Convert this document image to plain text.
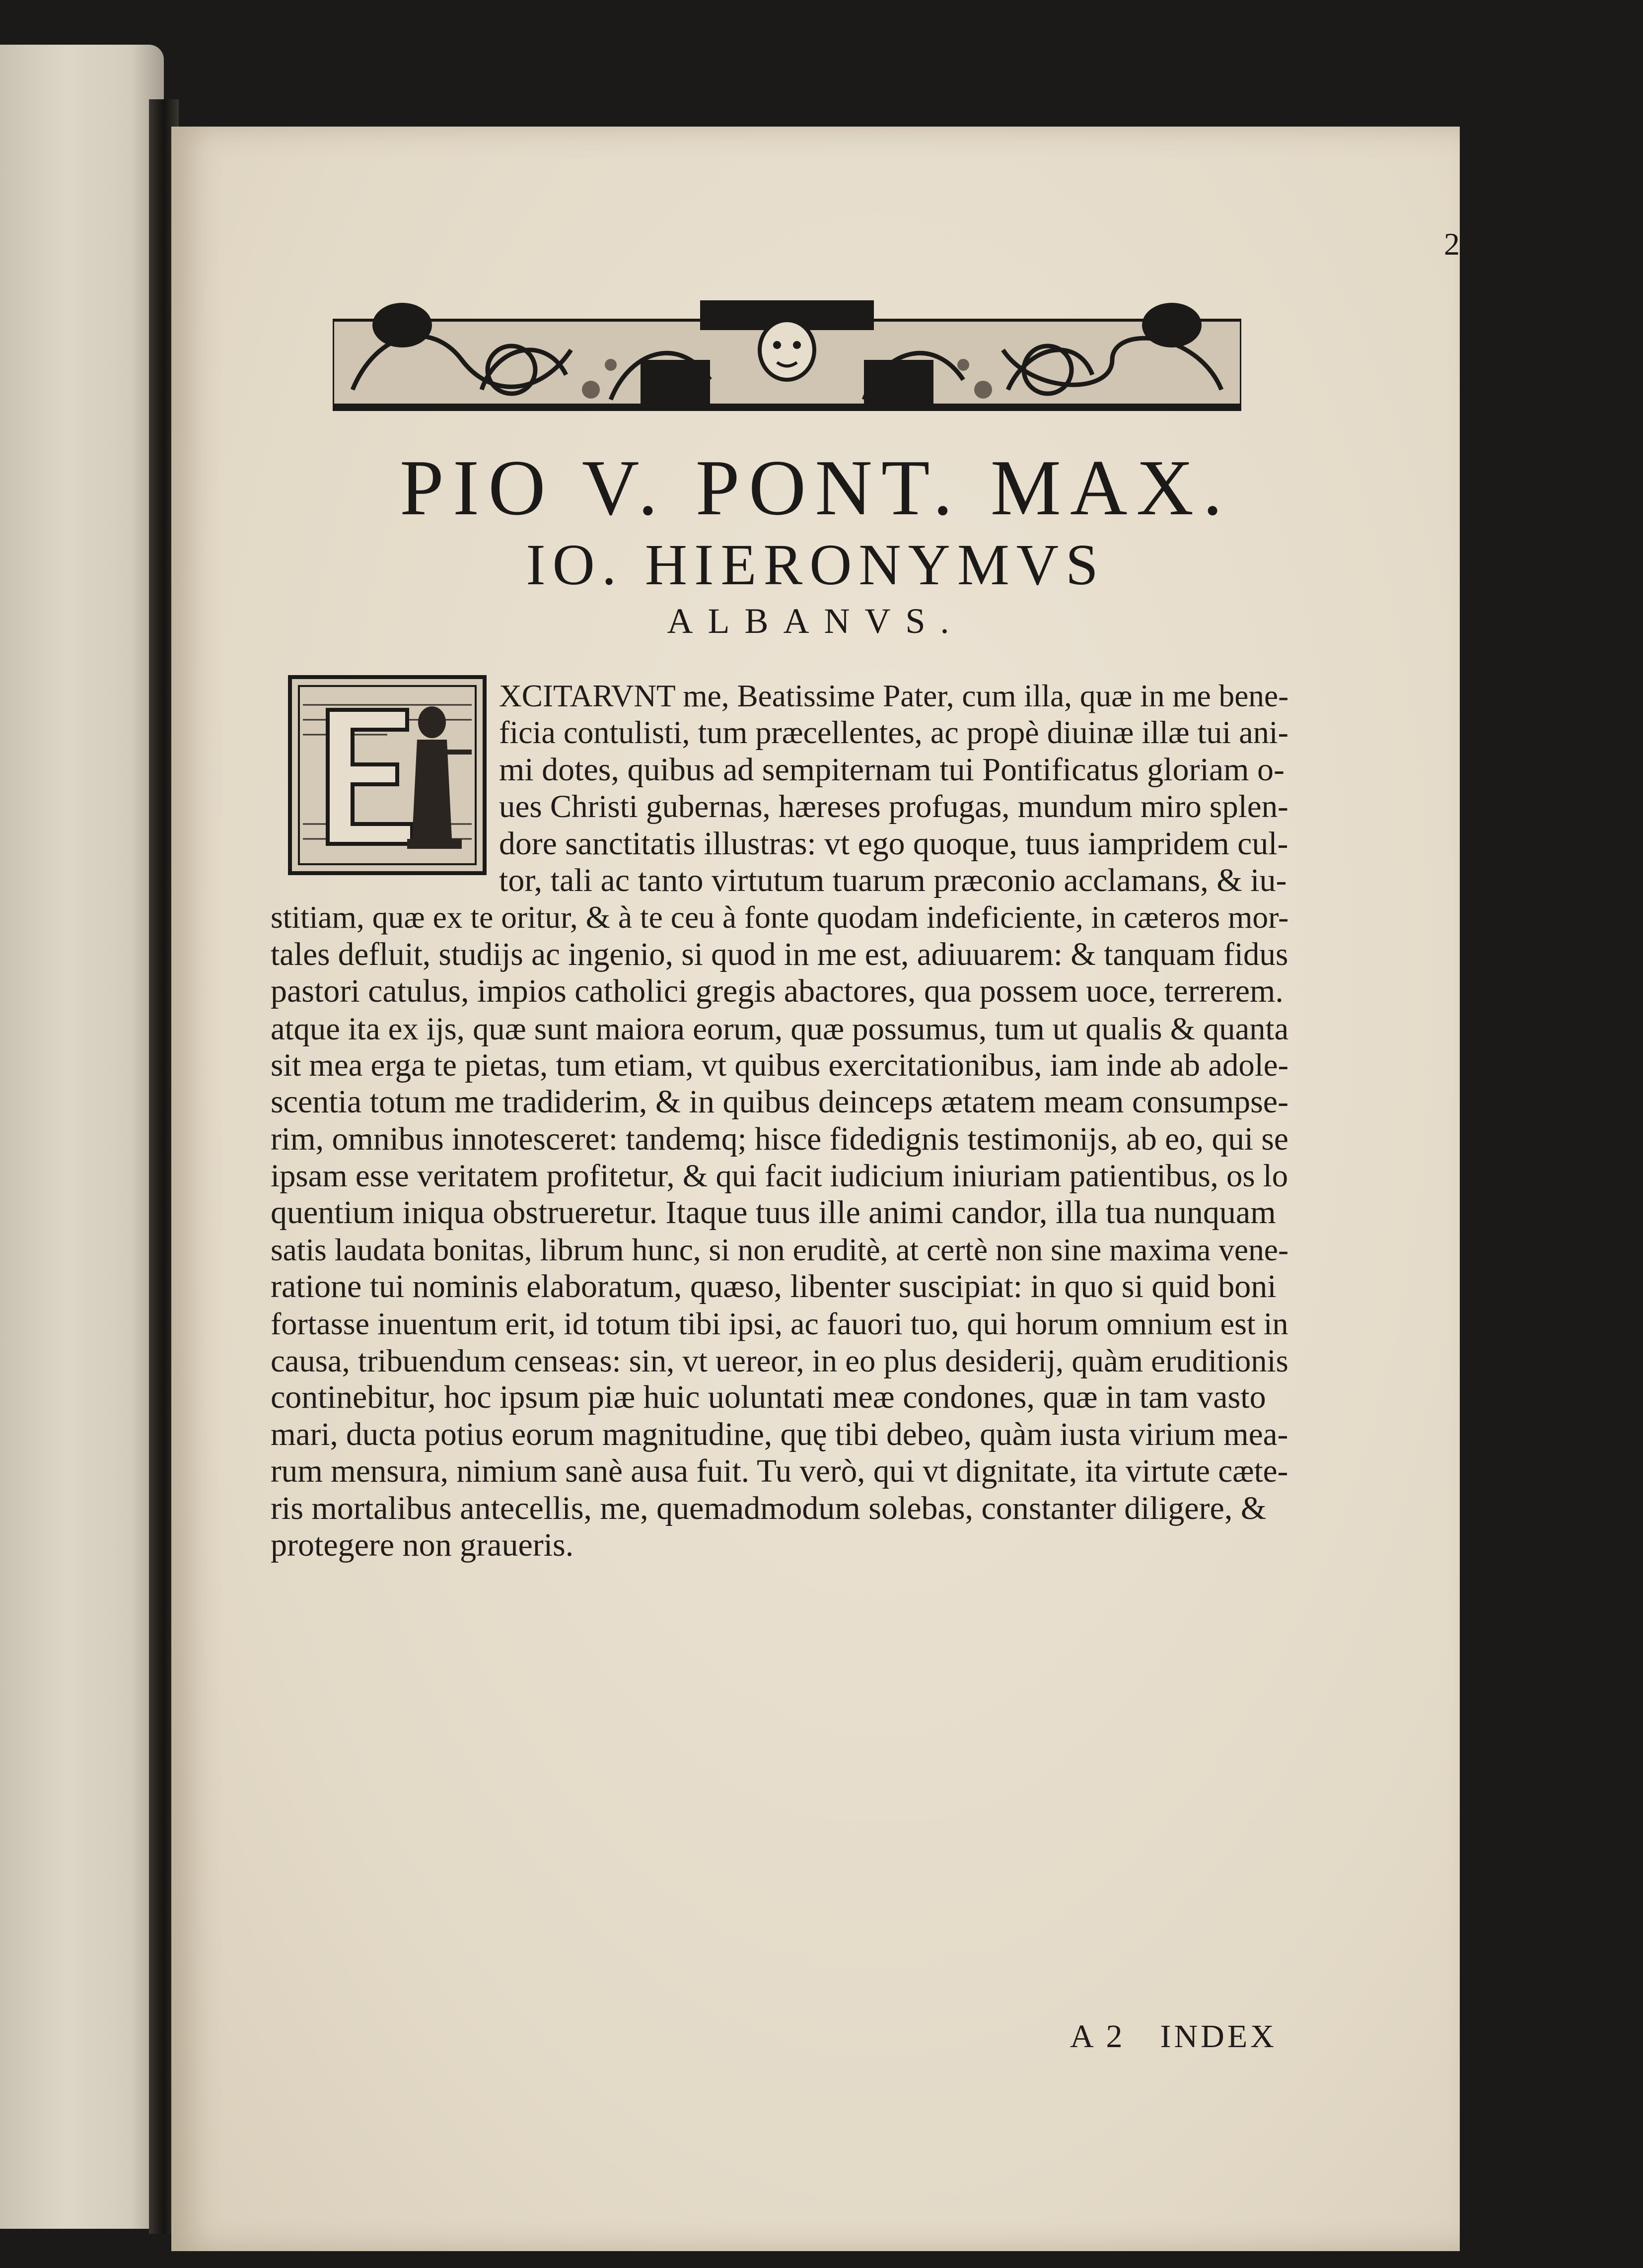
2
PIO V. PONT. MAX.
IO. HIERONYMVS
ALBANVS.

XCITARVNT me, Beatissime Pater, cum illa, quæ in me bene-
ficia contulisti, tum præcellentes, ac propè diuinæ illæ tui ani-
mi dotes, quibus ad sempiternam tui Pontificatus gloriam o-
ues Christi gubernas, hæreses profugas, mundum miro splen-
dore sanctitatis illustras: vt ego quoque, tuus iampridem cul-
tor, tali ac tanto virtutum tuarum præconio acclamans, & iu-
stitiam, quæ ex te oritur, & à te ceu à fonte quodam indeficiente, in cæteros mor-
tales defluit, studijs ac ingenio, si quod in me est, adiuuarem: & tanquam fidus
pastori catulus, impios catholici gregis abactores, qua possem uoce, terrerem.
atque ita ex ijs, quæ sunt maiora eorum, quæ possumus, tum ut qualis & quanta
sit mea erga te pietas, tum etiam, vt quibus exercitationibus, iam inde ab adole-
scentia totum me tradiderim, & in quibus deinceps ætatem meam consumpse-
rim, omnibus innotesceret: tandemq; hisce fidedignis testimonijs, ab eo, qui se
ipsam esse veritatem profitetur, & qui facit iudicium iniuriam patientibus, os lo
quentium iniqua obstrueretur. Itaque tuus ille animi candor, illa tua nunquam
satis laudata bonitas, librum hunc, si non eruditè, at certè non sine maxima vene-
ratione tui nominis elaboratum, quæso, libenter suscipiat: in quo si quid boni
fortasse inuentum erit, id totum tibi ipsi, ac fauori tuo, qui horum omnium est in
causa, tribuendum censeas: sin, vt uereor, in eo plus desiderij, quàm eruditionis
continebitur, hoc ipsum piæ huic uoluntati meæ condones, quæ in tam vasto
mari, ducta potius eorum magnitudine, quę tibi debeo, quàm iusta virium mea-
rum mensura, nimium sanè ausa fuit. Tu verò, qui vt dignitate, ita virtute cæte-
ris mortalibus antecellis, me, quemadmodum solebas, constanter diligere, &
protegere non graueris.

A 2 INDEX
